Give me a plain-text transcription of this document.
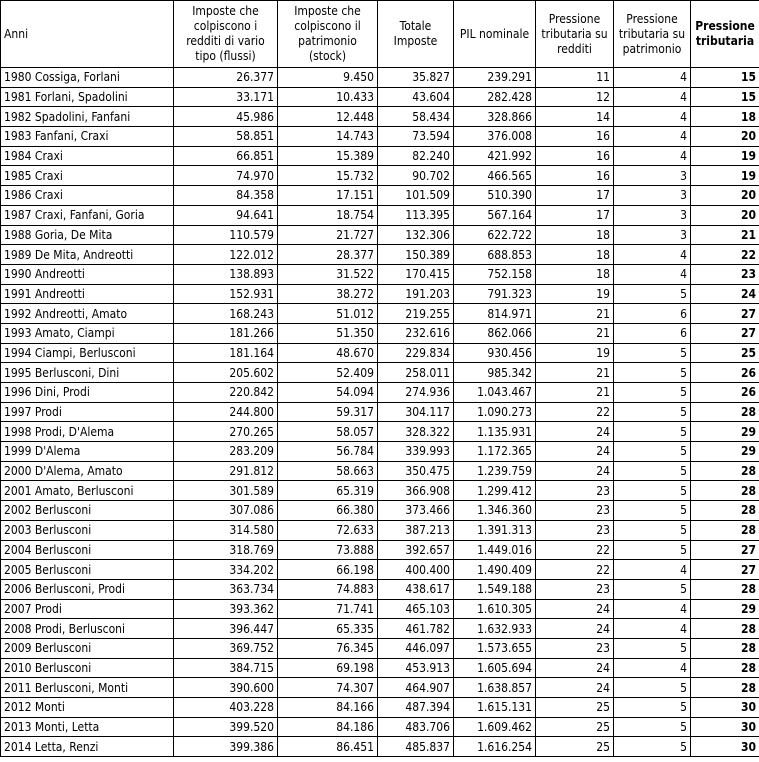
Anni	Imposte che colpiscono i redditi di vario tipo (flussi)	Imposte che colpiscono il patrimonio (stock)	Totale Imposte	PIL nominale	Pressione tributaria su redditi	Pressione tributaria su patrimonio	Pressione tributaria
1980 Cossiga, Forlani	26.377	9.450	35.827	239.291	11	4	15
1981 Forlani, Spadolini	33.171	10.433	43.604	282.428	12	4	15
1982 Spadolini, Fanfani	45.986	12.448	58.434	328.866	14	4	18
1983 Fanfani, Craxi	58.851	14.743	73.594	376.008	16	4	20
1984 Craxi	66.851	15.389	82.240	421.992	16	4	19
1985 Craxi	74.970	15.732	90.702	466.565	16	3	19
1986 Craxi	84.358	17.151	101.509	510.390	17	3	20
1987 Craxi, Fanfani, Goria	94.641	18.754	113.395	567.164	17	3	20
1988 Goria, De Mita	110.579	21.727	132.306	622.722	18	3	21
1989 De Mita, Andreotti	122.012	28.377	150.389	688.853	18	4	22
1990 Andreotti	138.893	31.522	170.415	752.158	18	4	23
1991 Andreotti	152.931	38.272	191.203	791.323	19	5	24
1992 Andreotti, Amato	168.243	51.012	219.255	814.971	21	6	27
1993 Amato, Ciampi	181.266	51.350	232.616	862.066	21	6	27
1994 Ciampi, Berlusconi	181.164	48.670	229.834	930.456	19	5	25
1995 Berlusconi, Dini	205.602	52.409	258.011	985.342	21	5	26
1996 Dini, Prodi	220.842	54.094	274.936	1.043.467	21	5	26
1997 Prodi	244.800	59.317	304.117	1.090.273	22	5	28
1998 Prodi, D'Alema	270.265	58.057	328.322	1.135.931	24	5	29
1999 D'Alema	283.209	56.784	339.993	1.172.365	24	5	29
2000 D'Alema, Amato	291.812	58.663	350.475	1.239.759	24	5	28
2001 Amato, Berlusconi	301.589	65.319	366.908	1.299.412	23	5	28
2002 Berlusconi	307.086	66.380	373.466	1.346.360	23	5	28
2003 Berlusconi	314.580	72.633	387.213	1.391.313	23	5	28
2004 Berlusconi	318.769	73.888	392.657	1.449.016	22	5	27
2005 Berlusconi	334.202	66.198	400.400	1.490.409	22	4	27
2006 Berlusconi, Prodi	363.734	74.883	438.617	1.549.188	23	5	28
2007 Prodi	393.362	71.741	465.103	1.610.305	24	4	29
2008 Prodi, Berlusconi	396.447	65.335	461.782	1.632.933	24	4	28
2009 Berlusconi	369.752	76.345	446.097	1.573.655	23	5	28
2010 Berlusconi	384.715	69.198	453.913	1.605.694	24	4	28
2011 Berlusconi, Monti	390.600	74.307	464.907	1.638.857	24	5	28
2012 Monti	403.228	84.166	487.394	1.615.131	25	5	30
2013 Monti, Letta	399.520	84.186	483.706	1.609.462	25	5	30
2014 Letta, Renzi	399.386	86.451	485.837	1.616.254	25	5	30
